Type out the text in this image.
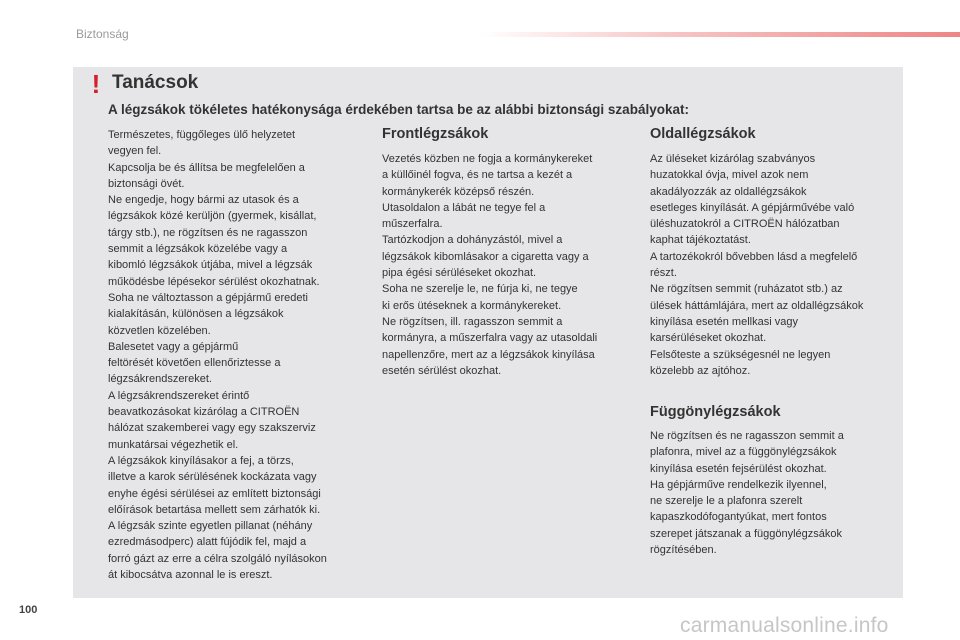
Biztonság
! Tanácsok
A légzsákok tökéletes hatékonysága érdekében tartsa be az alábbi biztonsági szabályokat:
Természetes, függőleges ülő helyzetet
vegyen fel.
Kapcsolja be és állítsa be megfelelően a
biztonsági övét.
Ne engedje, hogy bármi az utasok és a
légzsákok közé kerüljön (gyermek, kisállat,
tárgy stb.), ne rögzítsen és ne ragasszon
semmit a légzsákok közelébe vagy a
kibomló légzsákok útjába, mivel a légzsák
működésbe lépésekor sérülést okozhatnak.
Soha ne változtasson a gépjármű eredeti
kialakításán, különösen a légzsákok
közvetlen közelében.
Balesetet vagy a gépjármű
feltörését követően ellenőriztesse a
légzsákrendszereket.
A légzsákrendszereket érintő
beavatkozásokat kizárólag a CITROËN
hálózat szakemberei vagy egy szakszerviz
munkatársai végezhetik el.
A légzsákok kinyílásakor a fej, a törzs,
illetve a karok sérülésének kockázata vagy
enyhe égési sérülései az említett biztonsági
előírások betartása mellett sem zárhatók ki.
A légzsák szinte egyetlen pillanat (néhány
ezredmásodperc) alatt fújódik fel, majd a
forró gázt az erre a célra szolgáló nyílásokon
át kibocsátva azonnal le is ereszt.
Frontlégzsákok
Vezetés közben ne fogja a kormánykereket
a küllőinél fogva, és ne tartsa a kezét a
kormánykerék középső részén.
Utasoldalon a lábát ne tegye fel a
műszerfalra.
Tartózkodjon a dohányzástól, mivel a
légzsákok kibomlásakor a cigaretta vagy a
pipa égési sérüléseket okozhat.
Soha ne szerelje le, ne fúrja ki, ne tegye
ki erős ütéseknek a kormánykereket.
Ne rögzítsen, ill. ragasszon semmit a
kormányra, a műszerfalra vagy az utasoldali
napellenzőre, mert az a légzsákok kinyílása
esetén sérülést okozhat.
Oldallégzsákok
Az üléseket kizárólag szabványos
huzatokkal óvja, mivel azok nem
akadályozzák az oldallégzsákok
esetleges kinyílását. A gépjárművébe való
üléshuzatokról a CITROËN hálózatban
kaphat tájékoztatást.
A tartozékokról bővebben lásd a megfelelő
részt.
Ne rögzítsen semmit (ruházatot stb.) az
ülések háttámlájára, mert az oldallégzsákok
kinyílása esetén mellkasi vagy
karsérüléseket okozhat.
Felsőteste a szükségesnél ne legyen
közelebb az ajtóhoz.
Függönylégzsákok
Ne rögzítsen és ne ragasszon semmit a
plafonra, mivel az a függönylégzsákok
kinyílása esetén fejsérülést okozhat.
Ha gépjárműve rendelkezik ilyennel,
ne szerelje le a plafonra szerelt
kapaszkodófogantyúkat, mert fontos
szerepet játszanak a függönylégzsákok
rögzítésében.
100
carmanualsonline.info
